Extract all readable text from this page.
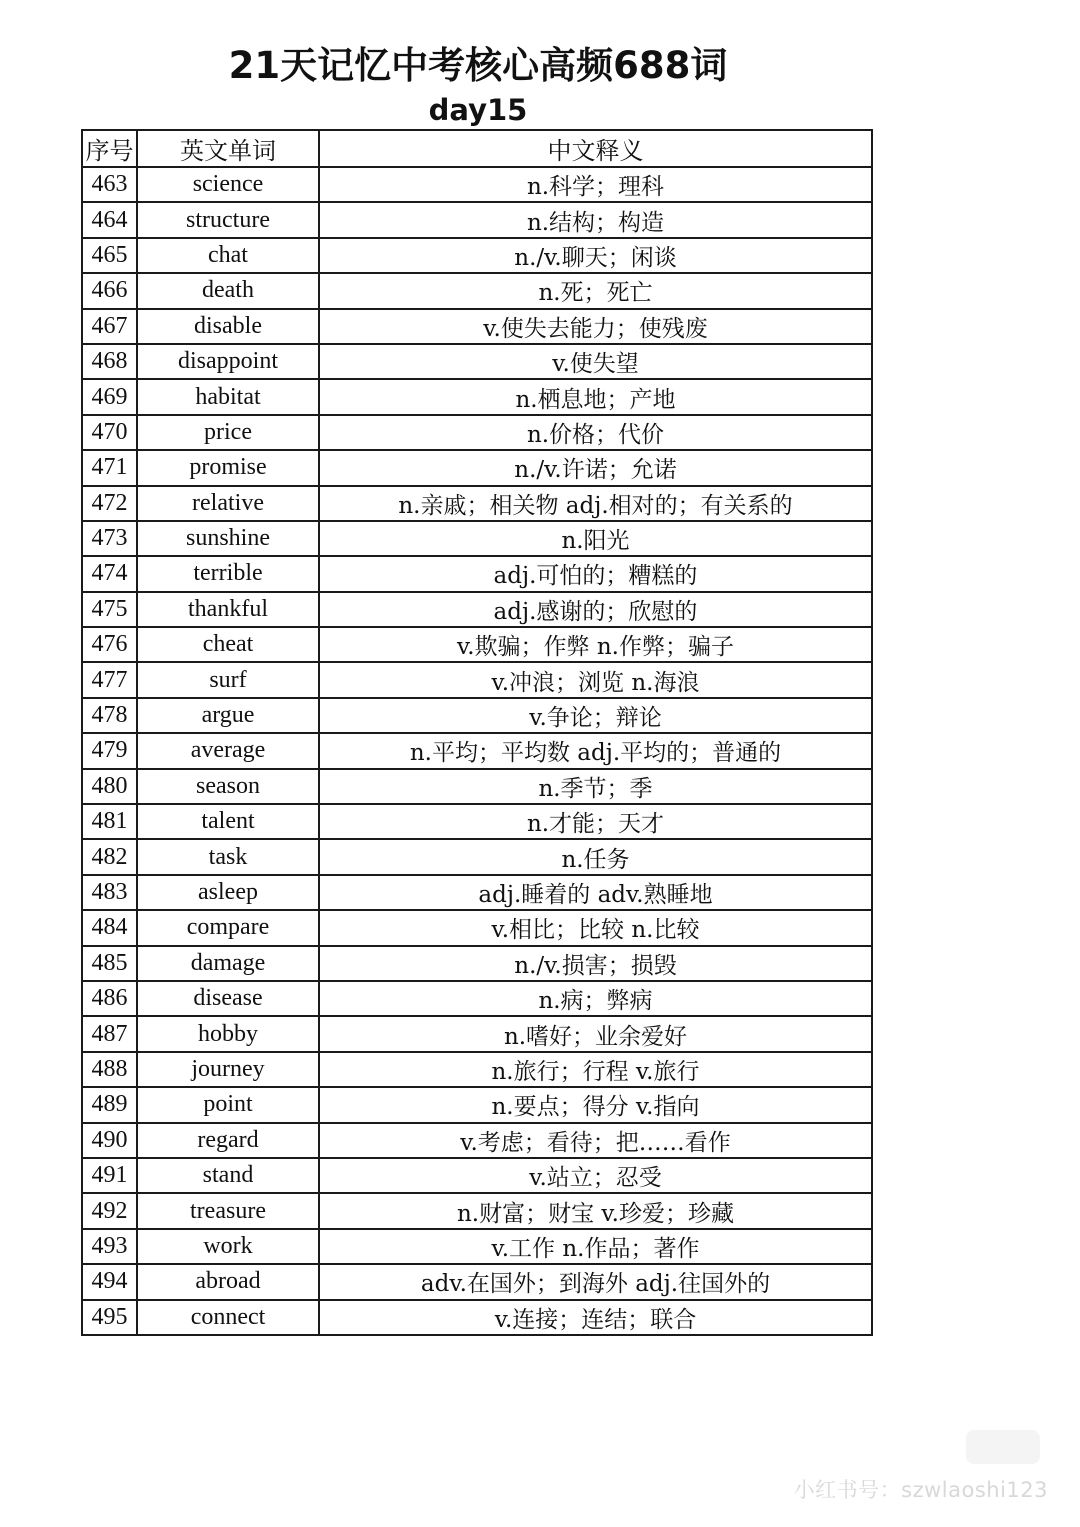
21天记忆中考核心高频688词
day15
序号	英文单词	中文释义
463	science	n.科学；理科
464	structure	n.结构；构造
465	chat	n./v.聊天；闲谈
466	death	n.死；死亡
467	disable	v.使失去能力；使残废
468	disappoint	v.使失望
469	habitat	n.栖息地；产地
470	price	n.价格；代价
471	promise	n./v.许诺；允诺
472	relative	n.亲戚；相关物 adj.相对的；有关系的
473	sunshine	n.阳光
474	terrible	adj.可怕的；糟糕的
475	thankful	adj.感谢的；欣慰的
476	cheat	v.欺骗；作弊 n.作弊；骗子
477	surf	v.冲浪；浏览 n.海浪
478	argue	v.争论；辩论
479	average	n.平均；平均数 adj.平均的；普通的
480	season	n.季节；季
481	talent	n.才能；天才
482	task	n.任务
483	asleep	adj.睡着的 adv.熟睡地
484	compare	v.相比；比较 n.比较
485	damage	n./v.损害；损毁
486	disease	n.病；弊病
487	hobby	n.嗜好；业余爱好
488	journey	n.旅行；行程 v.旅行
489	point	n.要点；得分 v.指向
490	regard	v.考虑；看待；把……看作
491	stand	v.站立；忍受
492	treasure	n.财富；财宝 v.珍爱；珍藏
493	work	v.工作 n.作品；著作
494	abroad	adv.在国外；到海外 adj.往国外的
495	connect	v.连接；连结；联合
小红书号：szwlaoshi123
